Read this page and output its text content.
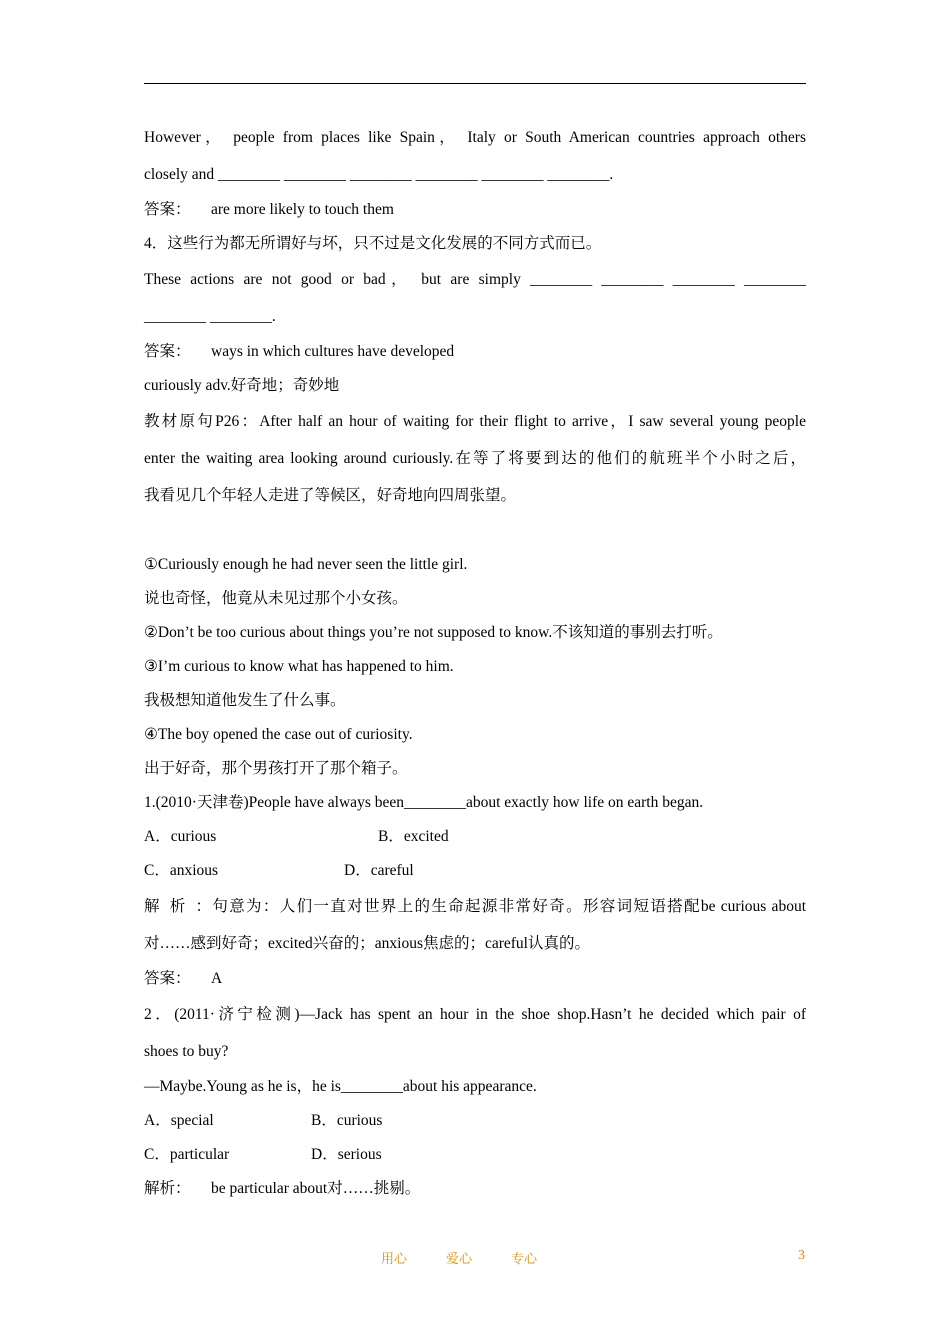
However， people from places like Spain， Italy or South American countries approach others

closely and ________ ________ ________ ________ ________ ________.

答案： are more likely to touch them

4．这些行为都无所谓好与坏，只不过是文化发展的不同方式而已。

These actions are not good or bad， but are simply ________ ________ ________ ________

________ ________.

答案： ways in which cultures have developed

curiously adv.好奇地；奇妙地

教材原句P26：After half an hour of waiting for their flight to arrive，I saw several young people

enter the waiting area looking around curiously.在等了将要到达的他们的航班半个小时之后，

我看见几个年轻人走进了等候区，好奇地向四周张望。

①Curiously enough he had never seen the little girl.

说也奇怪，他竟从未见过那个小女孩。

②Don’t be too curious about things you’re not supposed to know.不该知道的事别去打听。

③I’m curious to know what has happened to him.

我极想知道他发生了什么事。

④The boy opened the case out of curiosity.

出于好奇，那个男孩打开了那个箱子。

1.(2010·天津卷)People have always been________about exactly how life on earth began.

A．curious	B．excited

C．anxious	D．careful

解析：句意为：人们一直对世界上的生命起源非常好奇。形容词短语搭配be curious about

对……感到好奇；excited兴奋的；anxious焦虑的；careful认真的。

答案： A

2．(2011·济宁检测)—Jack has spent an hour in the shoe shop.Hasn’t he decided which pair of

shoes to buy?

—Maybe.Young as he is，he is________about his appearance.

A．special	B．curious

C．particular	D．serious

解析： be particular about对……挑剔。

用心	爱心	专心	3
